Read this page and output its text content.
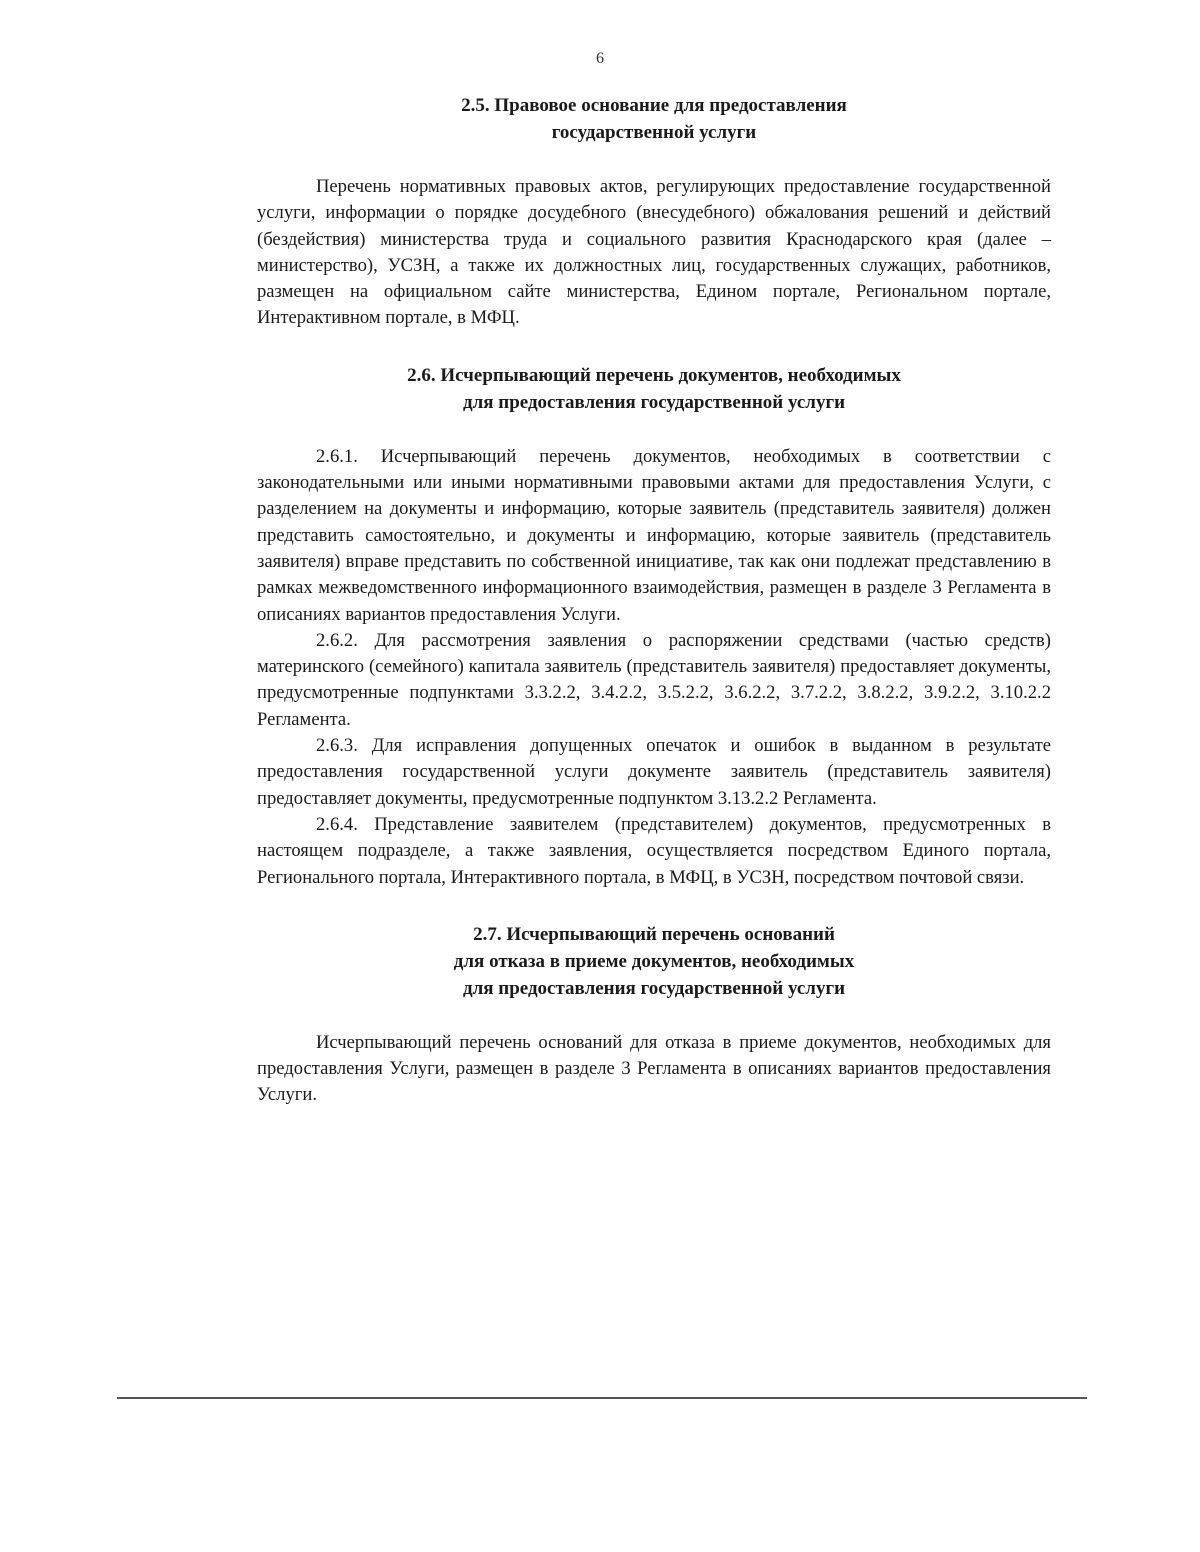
6
2.5. Правовое основание для предоставления
государственной услуги

Перечень нормативных правовых актов, регулирующих предоставление государственной услуги, информации о порядке досудебного (внесудебного) обжалования решений и действий (бездействия) министерства труда и социального развития Краснодарского края (далее – министерство), УСЗН, а также их должностных лиц, государственных служащих, работников, размещен на официальном сайте министерства, Едином портале, Региональном портале, Интерактивном портале, в МФЦ.

2.6. Исчерпывающий перечень документов, необходимых
для предоставления государственной услуги

2.6.1. Исчерпывающий перечень документов, необходимых в соответствии с законодательными или иными нормативными правовыми актами для предоставления Услуги, с разделением на документы и информацию, которые заявитель (представитель заявителя) должен представить самостоятельно, и документы и информацию, которые заявитель (представитель заявителя) вправе представить по собственной инициативе, так как они подлежат представлению в рамках межведомственного информационного взаимодействия, размещен в разделе 3 Регламента в описаниях вариантов предоставления Услуги.

2.6.2. Для рассмотрения заявления о распоряжении средствами (частью средств) материнского (семейного) капитала заявитель (представитель заявителя) предоставляет документы, предусмотренные подпунктами 3.3.2.2, 3.4.2.2, 3.5.2.2, 3.6.2.2, 3.7.2.2, 3.8.2.2, 3.9.2.2, 3.10.2.2 Регламента.

2.6.3. Для исправления допущенных опечаток и ошибок в выданном в результате предоставления государственной услуги документе заявитель (представитель заявителя) предоставляет документы, предусмотренные подпунктом 3.13.2.2 Регламента.

2.6.4. Представление заявителем (представителем) документов, предусмотренных в настоящем подразделе, а также заявления, осуществляется посредством Единого портала, Регионального портала, Интерактивного портала, в МФЦ, в УСЗН, посредством почтовой связи.

2.7. Исчерпывающий перечень оснований
для отказа в приеме документов, необходимых
для предоставления государственной услуги

Исчерпывающий перечень оснований для отказа в приеме документов, необходимых для предоставления Услуги, размещен в разделе 3 Регламента в описаниях вариантов предоставления Услуги.
